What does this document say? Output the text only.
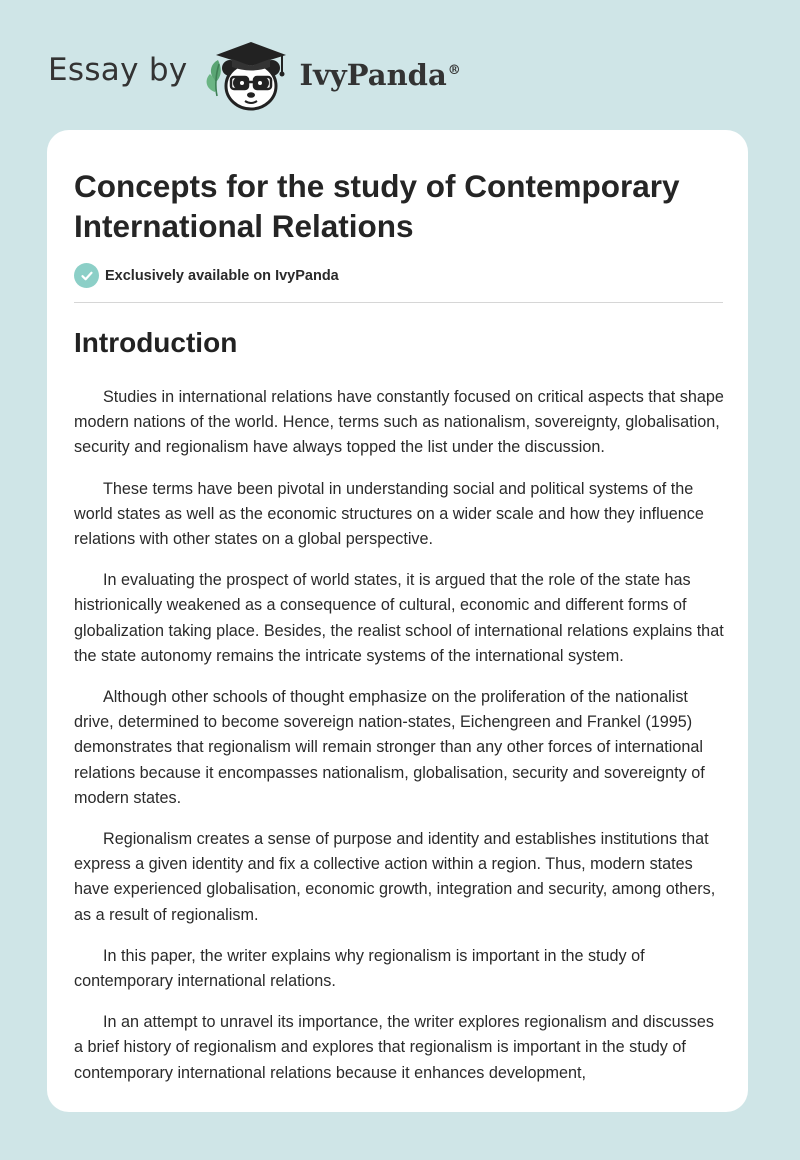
Essay by	IvyPanda®
Concepts for the study of Contemporary International Relations
Exclusively available on IvyPanda
Introduction

Studies in international relations have constantly focused on critical aspects that shape modern nations of the world. Hence, terms such as nationalism, sovereignty, globalisation, security and regionalism have always topped the list under the discussion.

These terms have been pivotal in understanding social and political systems of the world states as well as the economic structures on a wider scale and how they influence relations with other states on a global perspective.

In evaluating the prospect of world states, it is argued that the role of the state has histrionically weakened as a consequence of cultural, economic and different forms of globalization taking place. Besides, the realist school of international relations explains that the state autonomy remains the intricate systems of the international system.

Although other schools of thought emphasize on the proliferation of the nationalist drive, determined to become sovereign nation-states, Eichengreen and Frankel (1995) demonstrates that regionalism will remain stronger than any other forces of international relations because it encompasses nationalism, globalisation, security and sovereignty of modern states.

Regionalism creates a sense of purpose and identity and establishes institutions that express a given identity and fix a collective action within a region. Thus, modern states have experienced globalisation, economic growth, integration and security, among others, as a result of regionalism.

In this paper, the writer explains why regionalism is important in the study of contemporary international relations.

In an attempt to unravel its importance, the writer explores regionalism and discusses a brief history of regionalism and explores that regionalism is important in the study of contemporary international relations because it enhances development,
